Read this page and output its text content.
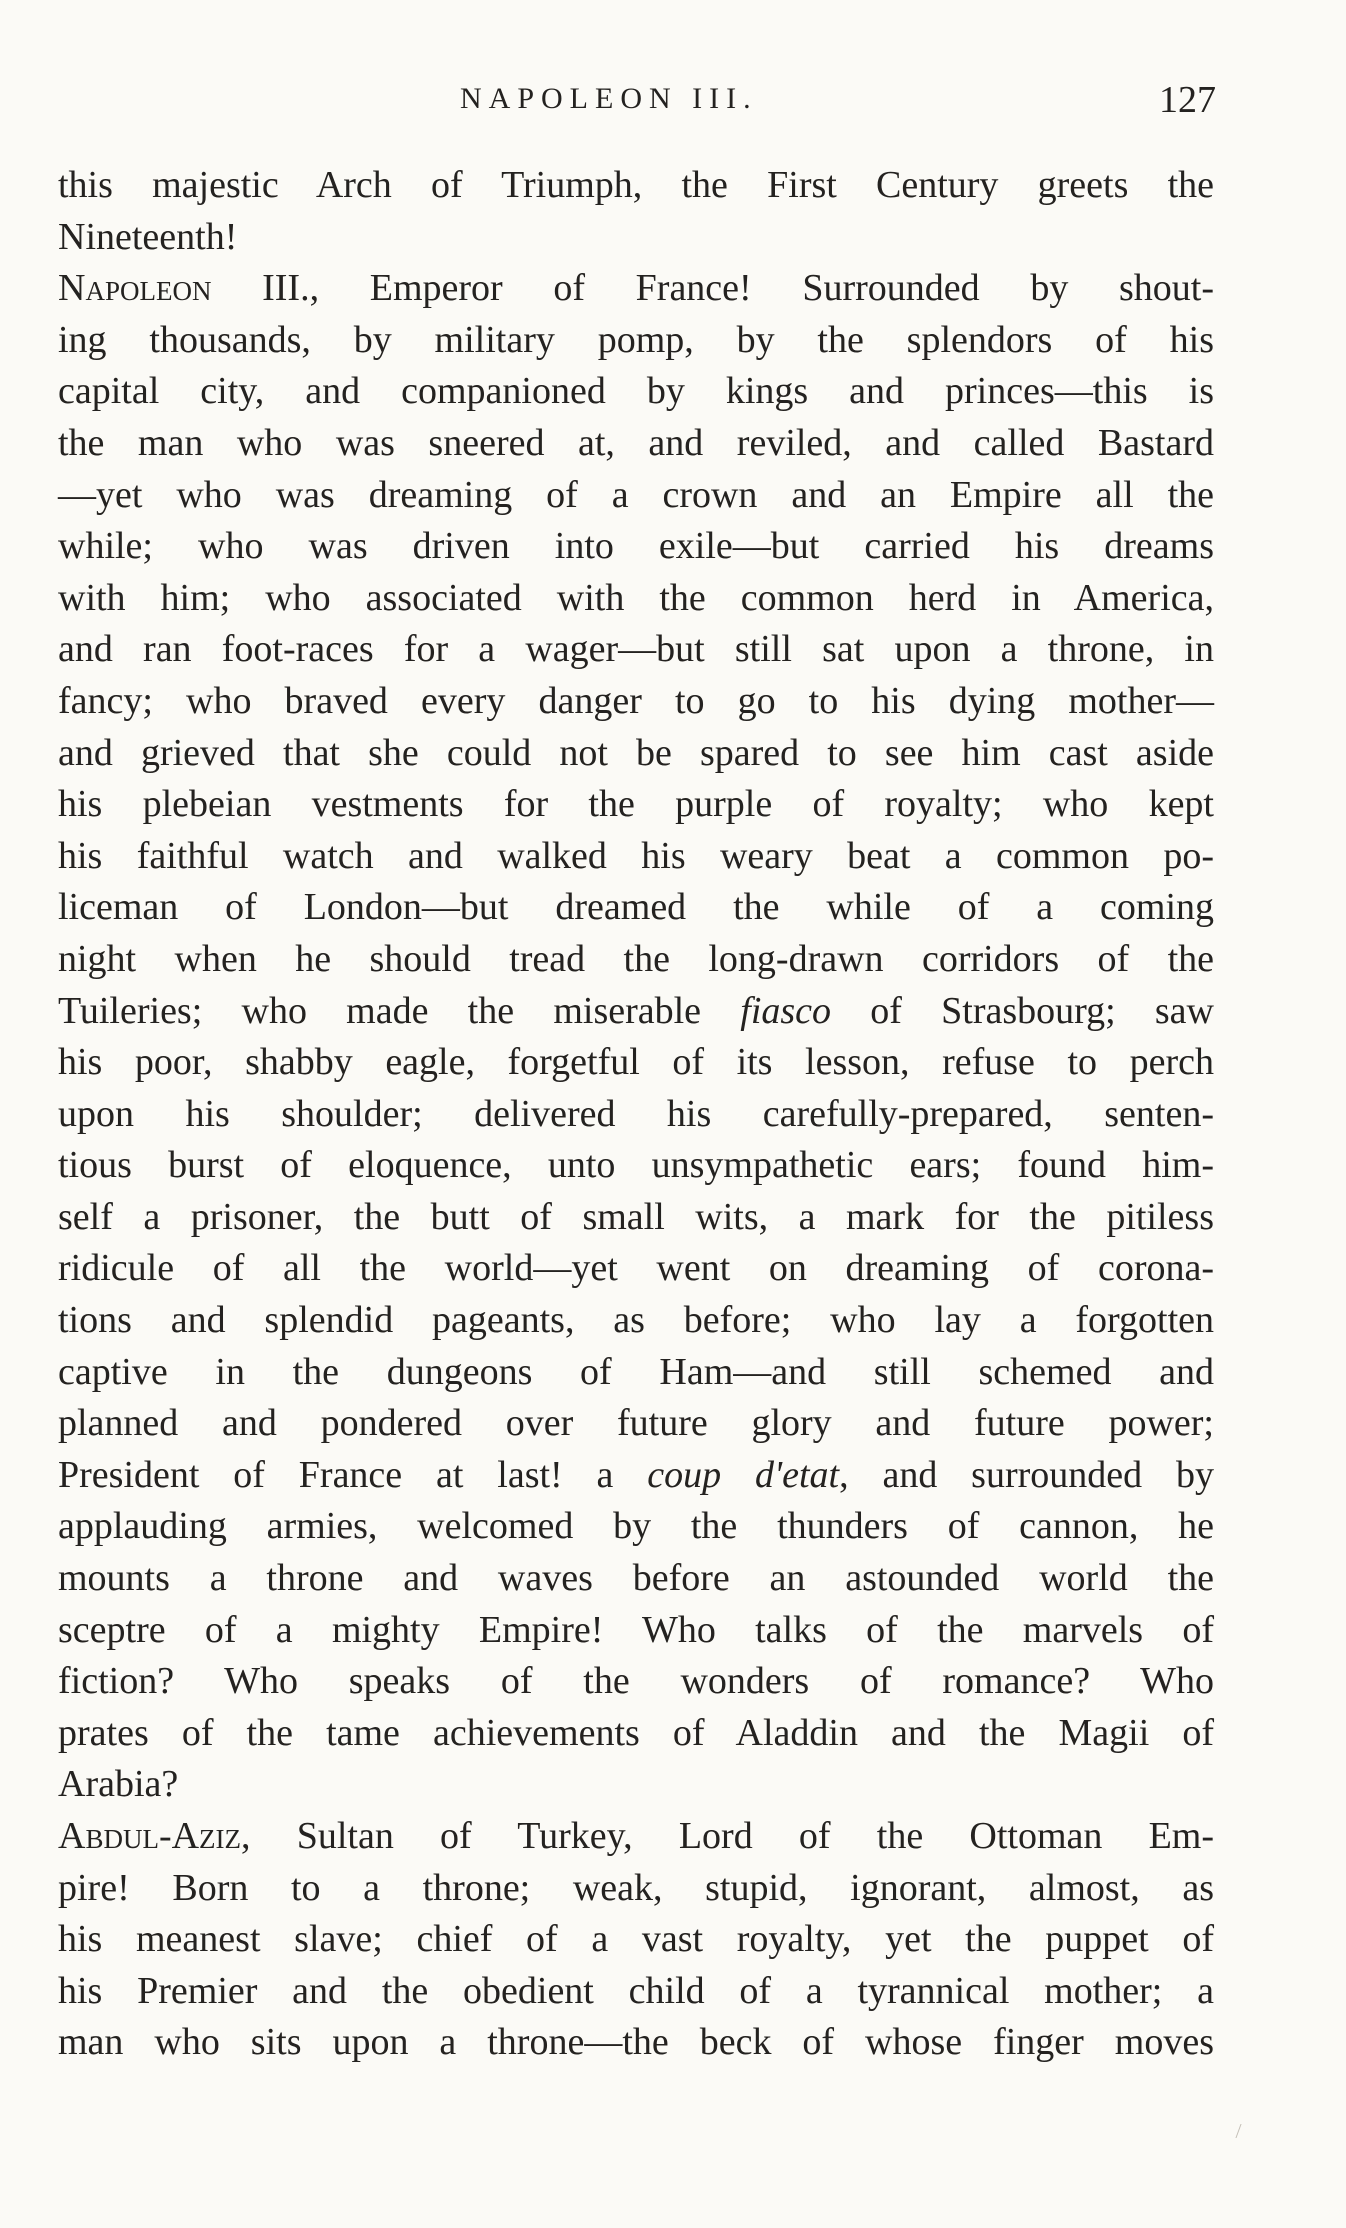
NAPOLEON III.	127
this majestic Arch of Triumph, the First Century greets the
Nineteenth!
Napoleon III., Emperor of France! Surrounded by shout-
ing thousands, by military pomp, by the splendors of his
capital city, and companioned by kings and princes—this is
the man who was sneered at, and reviled, and called Bastard
—yet who was dreaming of a crown and an Empire all the
while; who was driven into exile—but carried his dreams
with him; who associated with the common herd in America,
and ran foot-races for a wager—but still sat upon a throne, in
fancy; who braved every danger to go to his dying mother—
and grieved that she could not be spared to see him cast aside
his plebeian vestments for the purple of royalty; who kept
his faithful watch and walked his weary beat a common po-
liceman of London—but dreamed the while of a coming
night when he should tread the long-drawn corridors of the
Tuileries; who made the miserable fiasco of Strasbourg; saw
his poor, shabby eagle, forgetful of its lesson, refuse to perch
upon his shoulder; delivered his carefully-prepared, senten-
tious burst of eloquence, unto unsympathetic ears; found him-
self a prisoner, the butt of small wits, a mark for the pitiless
ridicule of all the world—yet went on dreaming of corona-
tions and splendid pageants, as before; who lay a forgotten
captive in the dungeons of Ham—and still schemed and
planned and pondered over future glory and future power;
President of France at last! a coup d'etat, and surrounded by
applauding armies, welcomed by the thunders of cannon, he
mounts a throne and waves before an astounded world the
sceptre of a mighty Empire! Who talks of the marvels of
fiction? Who speaks of the wonders of romance? Who
prates of the tame achievements of Aladdin and the Magii of
Arabia?
Abdul-Aziz, Sultan of Turkey, Lord of the Ottoman Em-
pire! Born to a throne; weak, stupid, ignorant, almost, as
his meanest slave; chief of a vast royalty, yet the puppet of
his Premier and the obedient child of a tyrannical mother; a
man who sits upon a throne—the beck of whose finger moves
